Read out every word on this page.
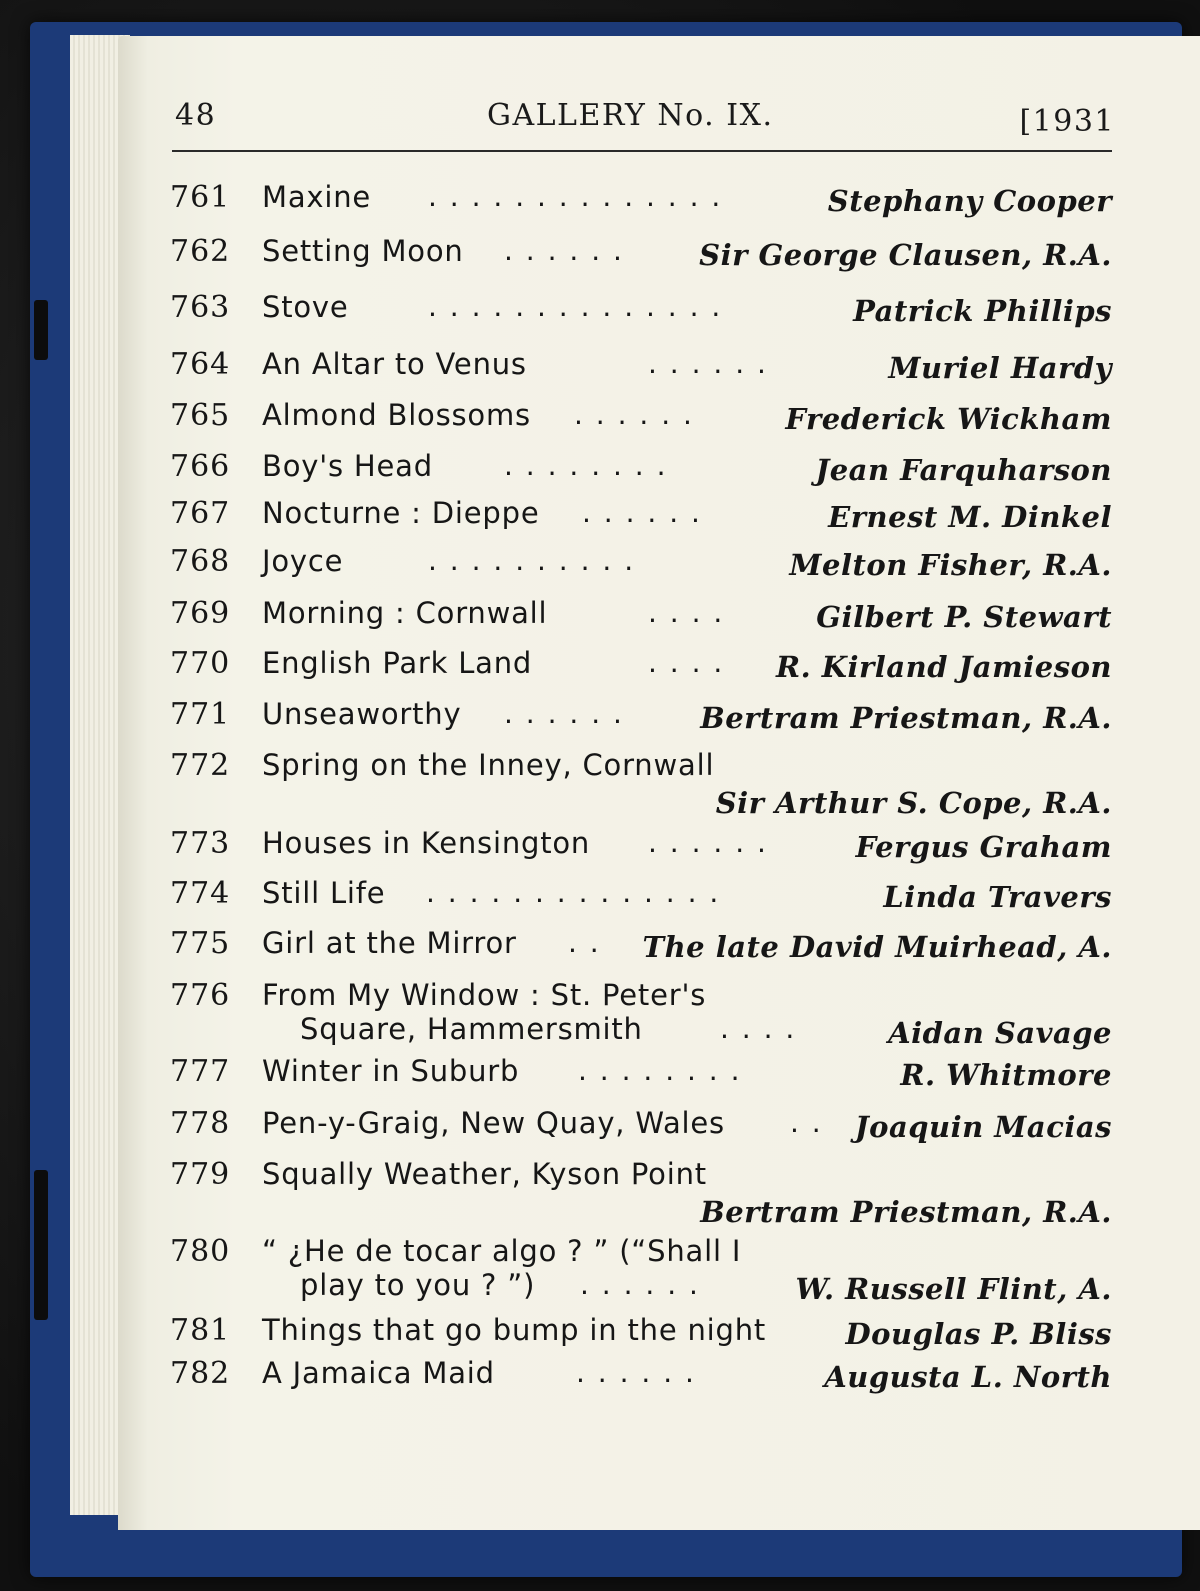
48	GALLERY No. IX.	[1931
761 Maxine . . . . . . . . . . . . . .	Stephany Cooper
762 Setting Moon . . . . . .	Sir George Clausen, R.A.
763 Stove	. . . . . . . . . . . . . .	Patrick Phillips
764 An Altar to Venus	. . . . . .	Muriel Hardy
765 Almond Blossoms . . . . . .	Frederick Wickham
766 Boy's Head	. . . . . . . .	Jean Farquharson
767 Nocturne : Dieppe . . . . . .	Ernest M. Dinkel
768 Joyce	. . . . . . . . . .	Melton Fisher, R.A.
769 Morning : Cornwall	. . . .	Gilbert P. Stewart
770 English Park Land	. . . . R. Kirland Jamieson
771 Unseaworthy . . . . . .	Bertram Priestman, R.A.
772 Spring on the Inney, Cornwall
Sir Arthur S. Cope, R.A.
773 Houses in Kensington . . . . . .	Fergus Graham
774 Still Life . . . . . . . . . . . . . .	Linda Travers
775 Girl at the Mirror . . The late David Muirhead, A.
776 From My Window : St. Peter's
Square, Hammersmith	. . . .	Aidan Savage
777 Winter in Suburb . . . . . . . .	R. Whitmore
778 Pen-y-Graig, New Quay, Wales . . Joaquin Macias
779 Squally Weather, Kyson Point
Bertram Priestman, R.A.
780 “ ¿He de tocar algo ? ” (“Shall I
play to you ? ”) . . . . . .	W. Russell Flint, A.
781 Things that go bump in the night	Douglas P. Bliss
782 A Jamaica Maid	. . . . . .	Augusta L. North
